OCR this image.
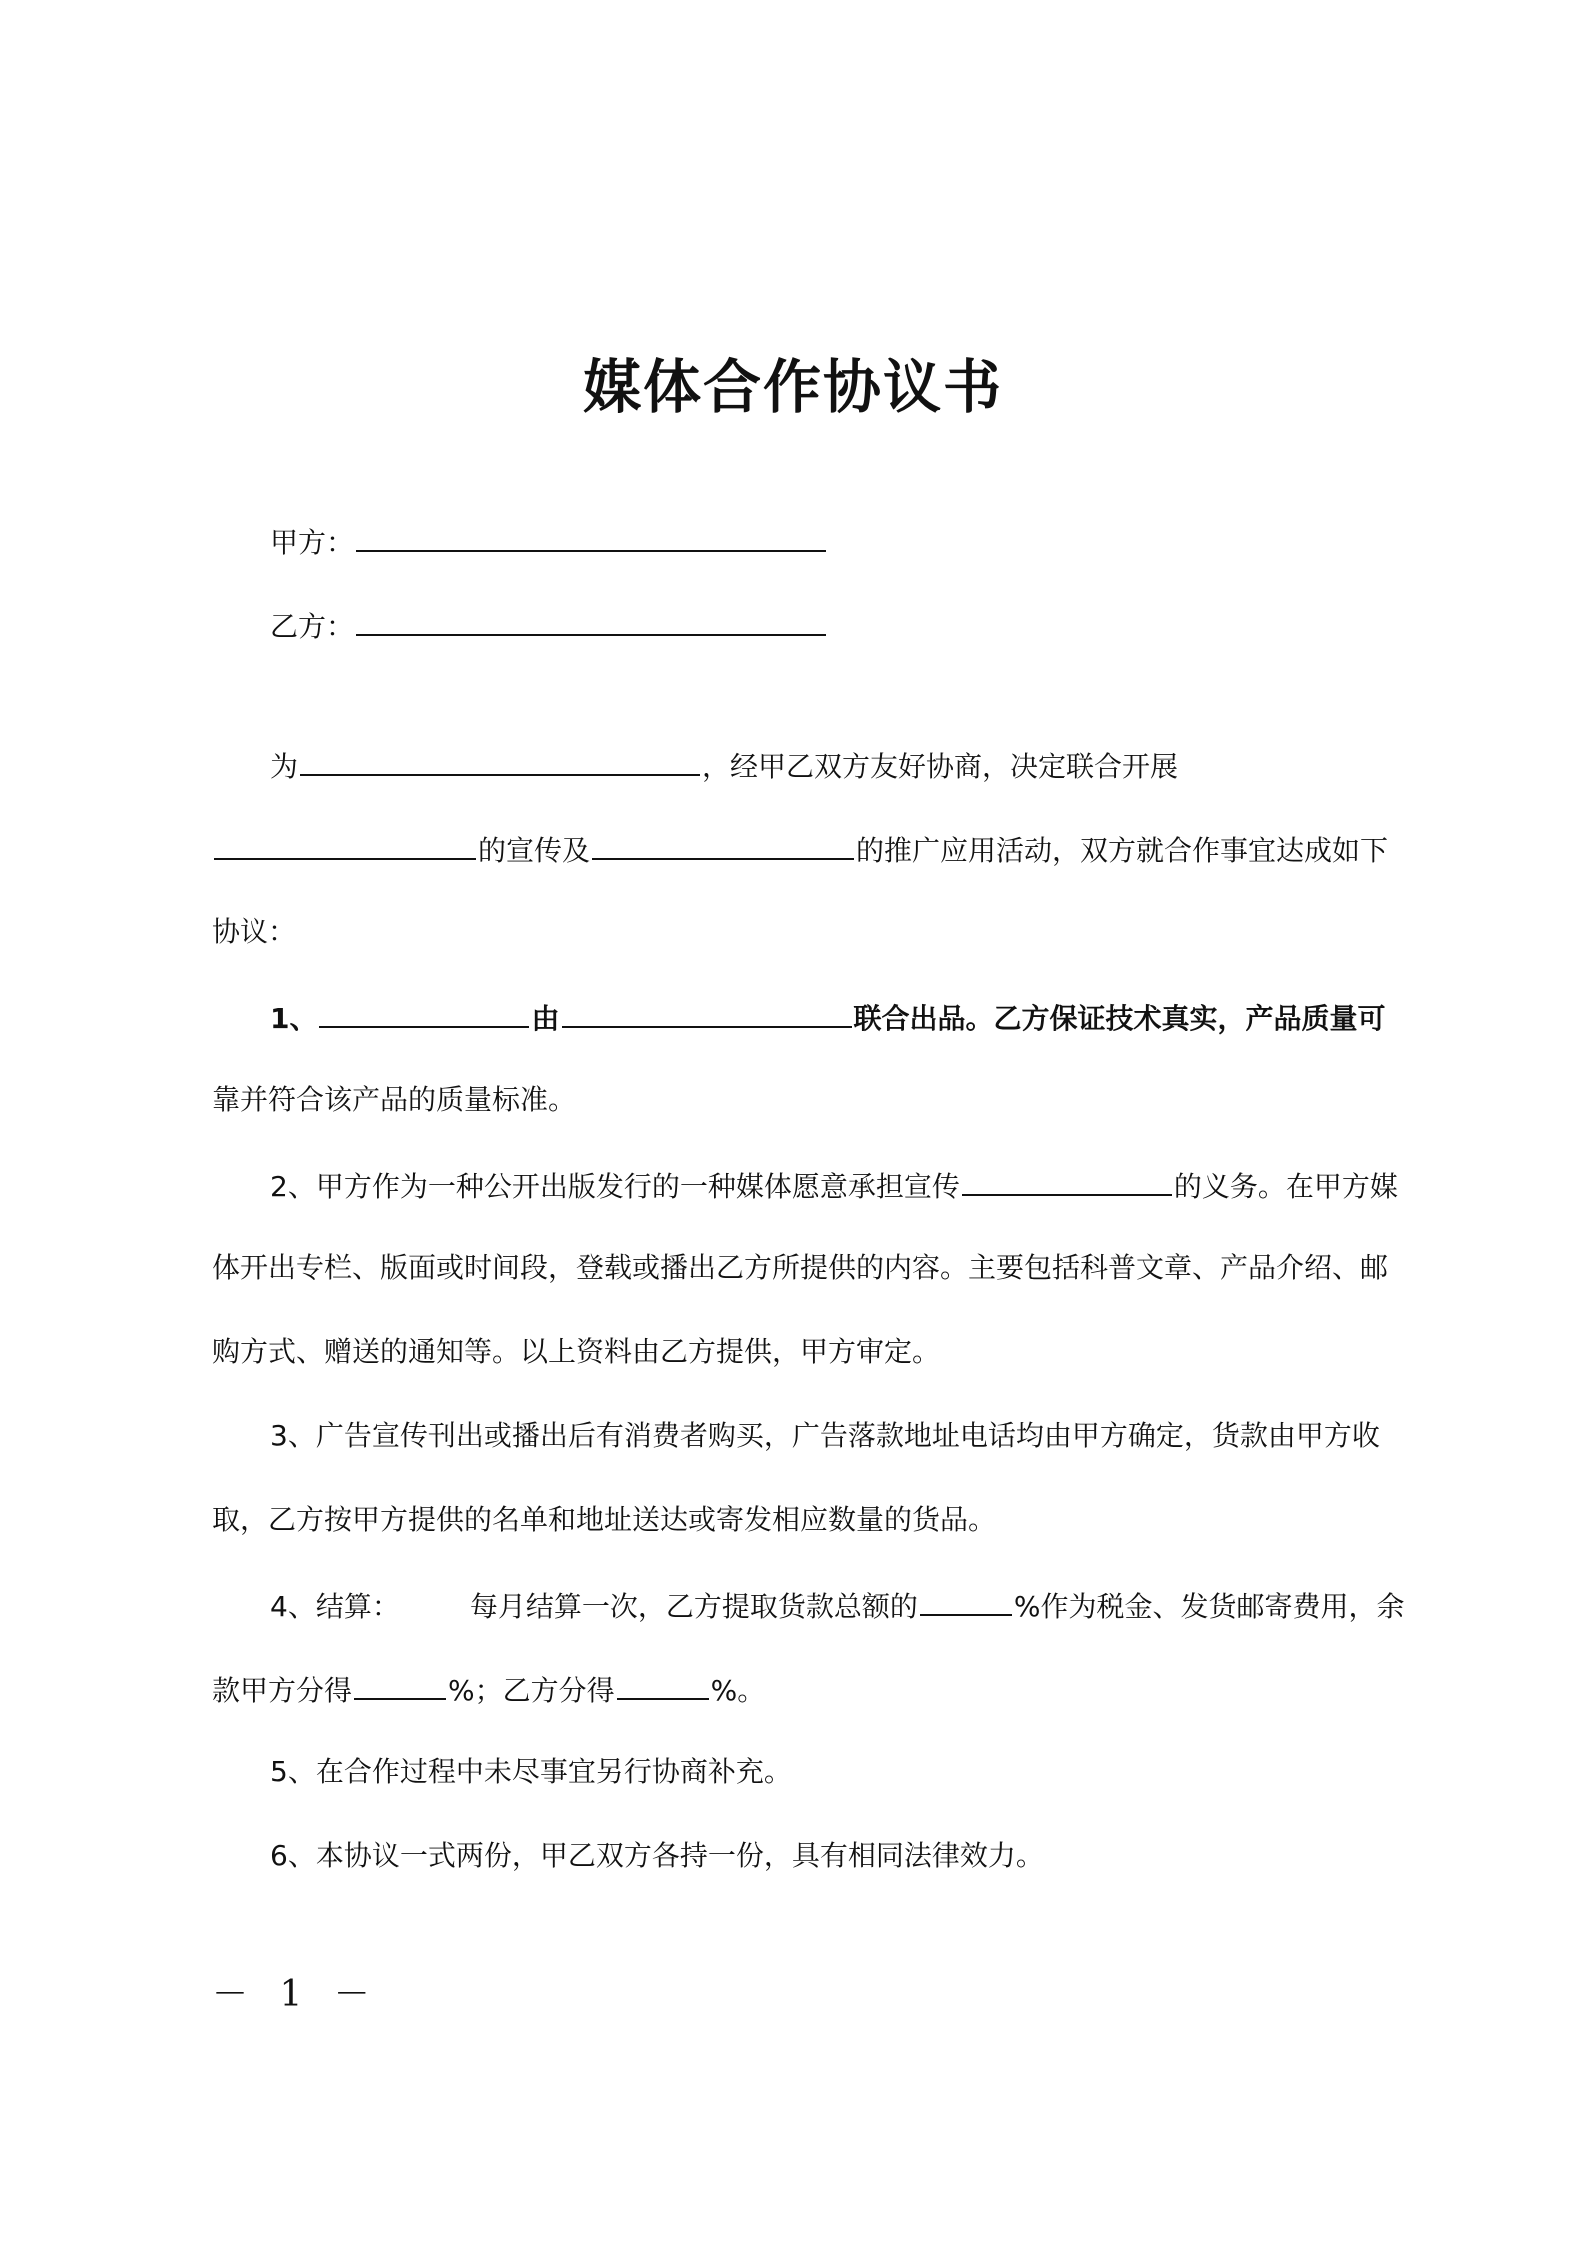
媒体合作协议书

甲方：

乙方：

为	，经甲乙双方友好协商，决定联合开展

的宣传及	的推广应用活动，双方就合作事宜达成如下

协议：

1、	由	联合出品。乙方保证技术真实，产品质量可

靠并符合该产品的质量标准。

2、甲方作为一种公开出版发行的一种媒体愿意承担宣传	的义务。在甲方媒

体开出专栏、版面或时间段，登载或播出乙方所提供的内容。主要包括科普文章、产品介绍、邮

购方式、赠送的通知等。以上资料由乙方提供，甲方审定。

3、广告宣传刊出或播出后有消费者购买，广告落款地址电话均由甲方确定，货款由甲方收

取，乙方按甲方提供的名单和地址送达或寄发相应数量的货品。

4、结算：	每月结算一次，乙方提取货款总额的	%作为税金、发货邮寄费用，余

款甲方分得	%；乙方分得	%。

5、在合作过程中未尽事宜另行协商补充。

6、本协议一式两份，甲乙双方各持一份，具有相同法律效力。

－ 1 －
